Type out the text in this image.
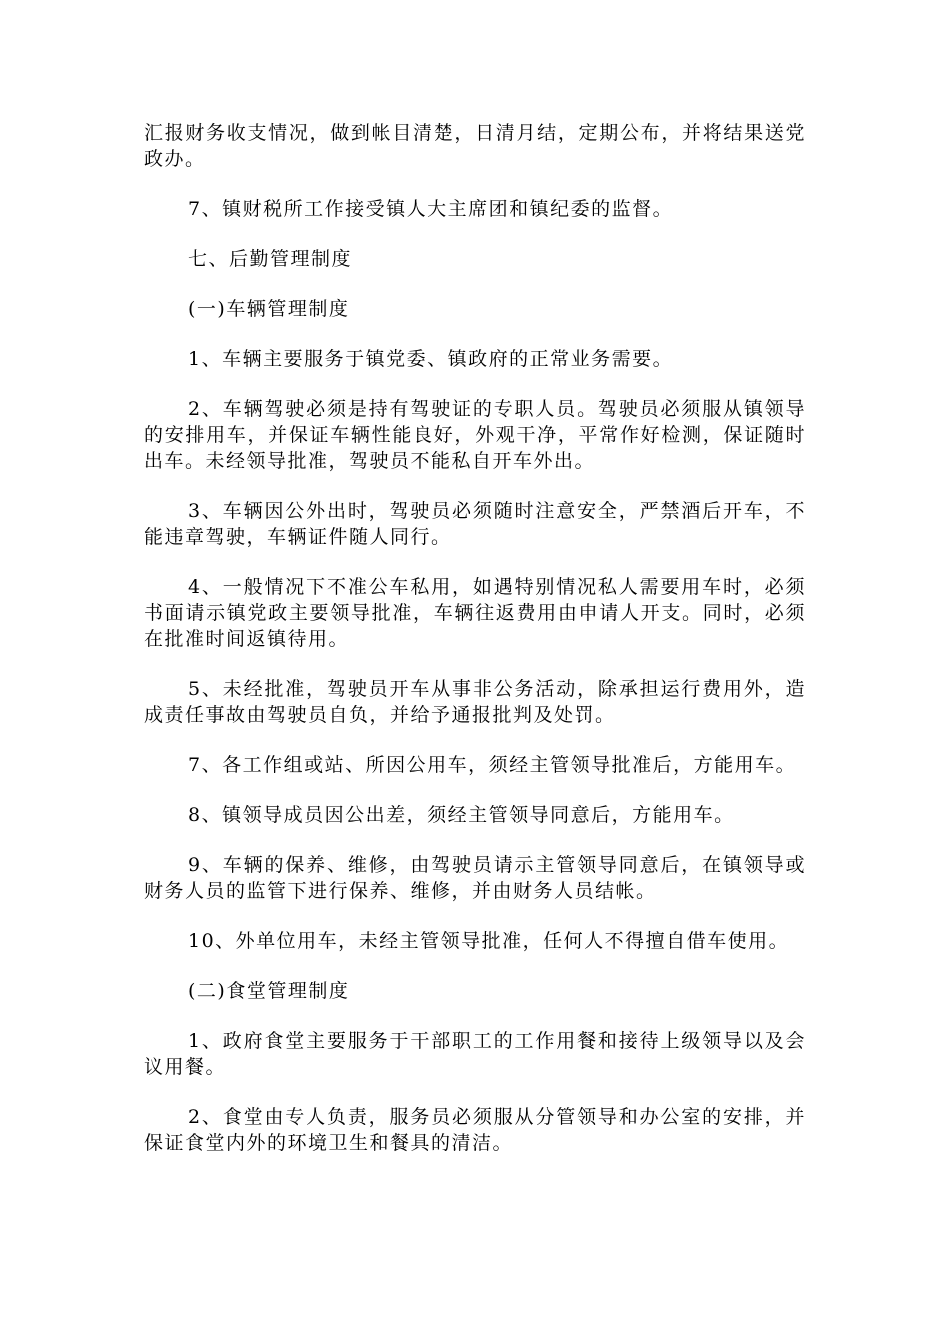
汇报财务收支情况，做到帐目清楚，日清月结，定期公布，并将结果送党政办。

7、镇财税所工作接受镇人大主席团和镇纪委的监督。

七、后勤管理制度

(一)车辆管理制度

1、车辆主要服务于镇党委、镇政府的正常业务需要。

2、车辆驾驶必须是持有驾驶证的专职人员。驾驶员必须服从镇领导的安排用车，并保证车辆性能良好，外观干净，平常作好检测，保证随时出车。未经领导批准，驾驶员不能私自开车外出。

3、车辆因公外出时，驾驶员必须随时注意安全，严禁酒后开车，不能违章驾驶，车辆证件随人同行。

4、一般情况下不准公车私用，如遇特别情况私人需要用车时，必须书面请示镇党政主要领导批准，车辆往返费用由申请人开支。同时，必须在批准时间返镇待用。

5、未经批准，驾驶员开车从事非公务活动，除承担运行费用外，造成责任事故由驾驶员自负，并给予通报批判及处罚。

7、各工作组或站、所因公用车，须经主管领导批准后，方能用车。

8、镇领导成员因公出差，须经主管领导同意后，方能用车。

9、车辆的保养、维修，由驾驶员请示主管领导同意后，在镇领导或财务人员的监管下进行保养、维修，并由财务人员结帐。

10、外单位用车，未经主管领导批准，任何人不得擅自借车使用。

(二)食堂管理制度

1、政府食堂主要服务于干部职工的工作用餐和接待上级领导以及会议用餐。

2、食堂由专人负责，服务员必须服从分管领导和办公室的安排，并保证食堂内外的环境卫生和餐具的清洁。
